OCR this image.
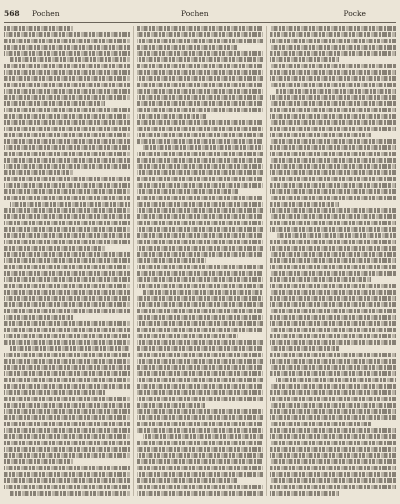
568 Pochen	Pochen	Pocke
